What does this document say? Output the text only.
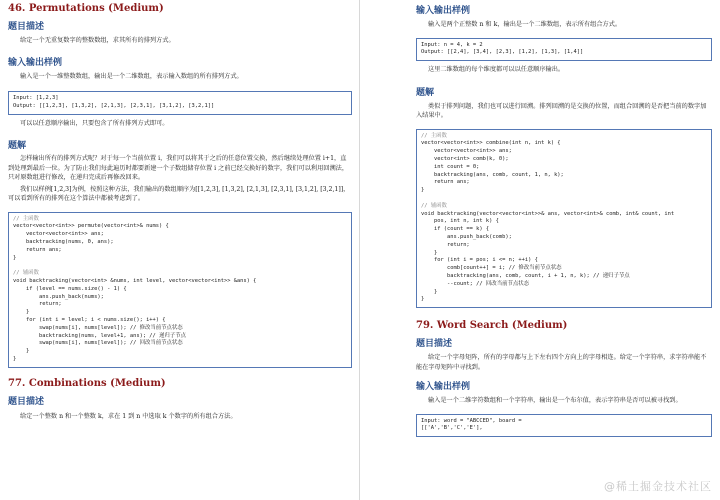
46. Permutations (Medium)

题目描述

给定一个无重复数字的整数数组，求其所有的排列方式。

输入输出样例

输入是一个一维整数数组，输出是一个二维数组，表示输入数组的所有排列方式。

Input: [1,2,3]
Output: [[1,2,3], [1,3,2], [2,1,3], [2,3,1], [3,1,2], [3,2,1]]

可以以任意顺序输出，只要包含了所有排列方式即可。

题解

怎样输出所有的排列方式呢？对于每一个当前位置 i，我们可以将其于之后的任意位置交换，然后继续处理位置 i+1，直到处理到最后一位。为了防止我们每此遍历时都要新建一个子数组储存位置 i 之前已经交换好的数字，我们可以利用回溯法，只对原数组进行修改，在递归完成后再修改回来。

我们以样例[1,2,3]为例，按照这种方法，我们输出的数组顺序为[[1,2,3], [1,3,2], [2,1,3], [2,3,1], [3,1,2], [3,2,1]]，可以看到所有的排列在这个算法中都被考虑到了。

// 主函数
vector<vector<int>> permute(vector<int>& nums) {
vector<vector<int>> ans;
backtracking(nums, 0, ans);
return ans;
}
// 辅函数
void backtracking(vector<int> &nums, int level, vector<vector<int>> &ans) {
if (level == nums.size() - 1) {
ans.push_back(nums);
return;
}
for (int i = level; i < nums.size(); i++) {
swap(nums[i], nums[level]); // 修改当前节点状态
backtracking(nums, level+1, ans); // 递归子节点
swap(nums[i], nums[level]); // 回改当前节点状态
}
}

77. Combinations (Medium)

题目描述

给定一个整数 n 和一个整数 k，求在 1 到 n 中选取 k 个数字的所有组合方法。

输入输出样例

输入是两个正整数 n 和 k，输出是一个二维数组，表示所有组合方式。

Input: n = 4, k = 2
Output: [[2,4], [3,4], [2,3], [1,2], [1,3], [1,4]]

这里二维数组的每个维度都可以以任意顺序输出。

题解

类似于排列问题，我们也可以进行回溯。排列回溯的是交换的位置，而组合回溯的是否把当前的数字加入结果中。

// 主函数
vector<vector<int>> combine(int n, int k) {
vector<vector<int>> ans;
vector<int> comb(k, 0);
int count = 0;
backtracking(ans, comb, count, 1, n, k);
return ans;
}
// 辅函数
void backtracking(vector<vector<int>>& ans, vector<int>& comb, int& count, int
pos, int n, int k) {
if (count == k) {
ans.push_back(comb);
return;
}
for (int i = pos; i <= n; ++i) {
comb[count++] = i; // 修改当前节点状态
backtracking(ans, comb, count, i + 1, n, k); // 递归子节点
--count; // 回改当前节点状态
}
}

79. Word Search (Medium)

题目描述

给定一个字母矩阵，所有的字母都与上下左右四个方向上的字母相连。给定一个字符串，求字符串能不能在字母矩阵中寻找到。

输入输出样例

输入是一个二维字符数组和一个字符串，输出是一个布尔值，表示字符串是否可以被寻找到。

Input: word = "ABCCED", board =
[['A','B','C','E'],
@稀土掘金技术社区
